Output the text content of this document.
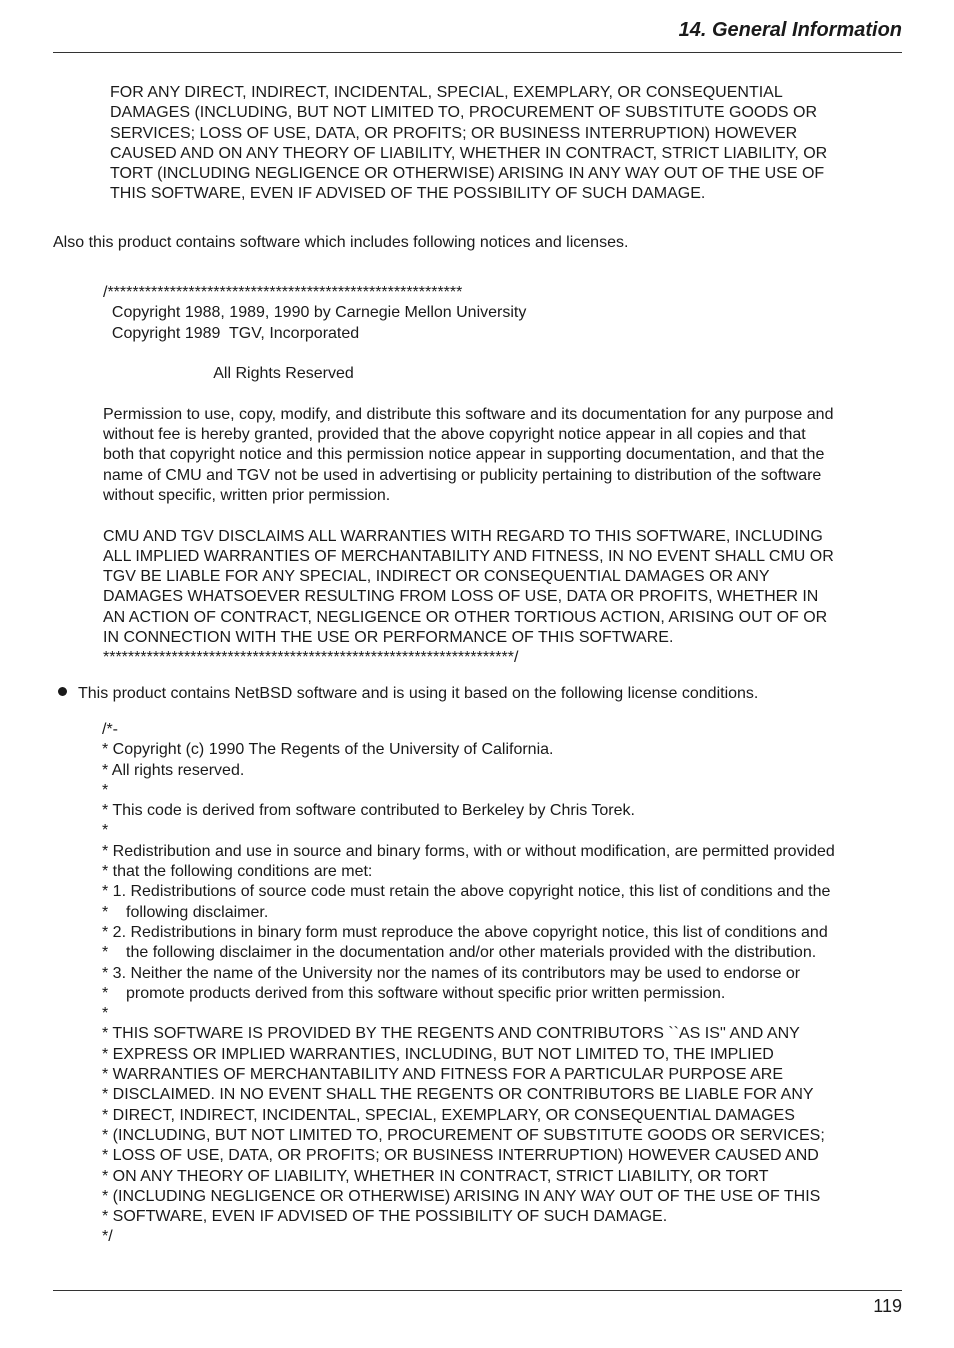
14. General Information
FOR ANY DIRECT, INDIRECT, INCIDENTAL, SPECIAL, EXEMPLARY, OR CONSEQUENTIAL
DAMAGES (INCLUDING, BUT NOT LIMITED TO, PROCUREMENT OF SUBSTITUTE GOODS OR
SERVICES; LOSS OF USE, DATA, OR PROFITS; OR BUSINESS INTERRUPTION) HOWEVER
CAUSED AND ON ANY THEORY OF LIABILITY, WHETHER IN CONTRACT, STRICT LIABILITY, OR
TORT (INCLUDING NEGLIGENCE OR OTHERWISE) ARISING IN ANY WAY OUT OF THE USE OF
THIS SOFTWARE, EVEN IF ADVISED OF THE POSSIBILITY OF SUCH DAMAGE.
Also this product contains software which includes following notices and licenses.
/*********************************************************
Copyright 1988, 1989, 1990 by Carnegie Mellon University
Copyright 1989  TGV, Incorporated

All Rights Reserved

Permission to use, copy, modify, and distribute this software and its documentation for any purpose and
without fee is hereby granted, provided that the above copyright notice appear in all copies and that
both that copyright notice and this permission notice appear in supporting documentation, and that the
name of CMU and TGV not be used in advertising or publicity pertaining to distribution of the software
without specific, written prior permission.

CMU AND TGV DISCLAIMS ALL WARRANTIES WITH REGARD TO THIS SOFTWARE, INCLUDING
ALL IMPLIED WARRANTIES OF MERCHANTABILITY AND FITNESS, IN NO EVENT SHALL CMU OR
TGV BE LIABLE FOR ANY SPECIAL, INDIRECT OR CONSEQUENTIAL DAMAGES OR ANY
DAMAGES WHATSOEVER RESULTING FROM LOSS OF USE, DATA OR PROFITS, WHETHER IN
AN ACTION OF CONTRACT, NEGLIGENCE OR OTHER TORTIOUS ACTION, ARISING OUT OF OR
IN CONNECTION WITH THE USE OR PERFORMANCE OF THIS SOFTWARE.
******************************************************************/
This product contains NetBSD software and is using it based on the following license conditions.
/*-
* Copyright (c) 1990 The Regents of the University of California.
* All rights reserved.
*
* This code is derived from software contributed to Berkeley by Chris Torek.
*
* Redistribution and use in source and binary forms, with or without modification, are permitted provided
* that the following conditions are met:
* 1. Redistributions of source code must retain the above copyright notice, this list of conditions and the
*    following disclaimer.
* 2. Redistributions in binary form must reproduce the above copyright notice, this list of conditions and
*    the following disclaimer in the documentation and/or other materials provided with the distribution.
* 3. Neither the name of the University nor the names of its contributors may be used to endorse or
*    promote products derived from this software without specific prior written permission.
*
* THIS SOFTWARE IS PROVIDED BY THE REGENTS AND CONTRIBUTORS ``AS IS'' AND ANY
* EXPRESS OR IMPLIED WARRANTIES, INCLUDING, BUT NOT LIMITED TO, THE IMPLIED
* WARRANTIES OF MERCHANTABILITY AND FITNESS FOR A PARTICULAR PURPOSE ARE
* DISCLAIMED. IN NO EVENT SHALL THE REGENTS OR CONTRIBUTORS BE LIABLE FOR ANY
* DIRECT, INDIRECT, INCIDENTAL, SPECIAL, EXEMPLARY, OR CONSEQUENTIAL DAMAGES
* (INCLUDING, BUT NOT LIMITED TO, PROCUREMENT OF SUBSTITUTE GOODS OR SERVICES;
* LOSS OF USE, DATA, OR PROFITS; OR BUSINESS INTERRUPTION) HOWEVER CAUSED AND
* ON ANY THEORY OF LIABILITY, WHETHER IN CONTRACT, STRICT LIABILITY, OR TORT
* (INCLUDING NEGLIGENCE OR OTHERWISE) ARISING IN ANY WAY OUT OF THE USE OF THIS
* SOFTWARE, EVEN IF ADVISED OF THE POSSIBILITY OF SUCH DAMAGE.
*/
119
